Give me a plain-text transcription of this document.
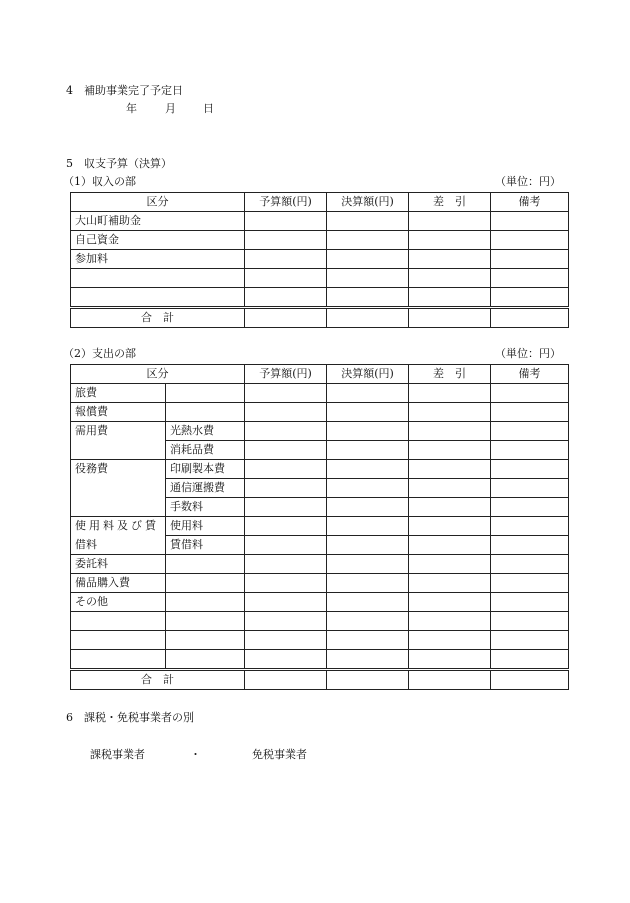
4　補助事業完了予定日
年	月 日
5　収支予算（決算）
（1）収入の部	（単位：円）
区分	予算額(円)	決算額(円)	差　引	備考
大山町補助金				
自己資金				
参加料				

合　計				
（2）支出の部	（単位：円）
区分		予算額(円)	決算額(円)	差　引	備考
旅費					
報償費					
需用費	光熱水費				
	消耗品費				
役務費	印刷製本費				
	通信運搬費				
	手数料				
使用料及び賃	使用料				
借料	賃借料				
委託料					
備品購入費					
その他					

合　計					
6　課税・免税事業者の別
課税事業者	・	免税事業者
